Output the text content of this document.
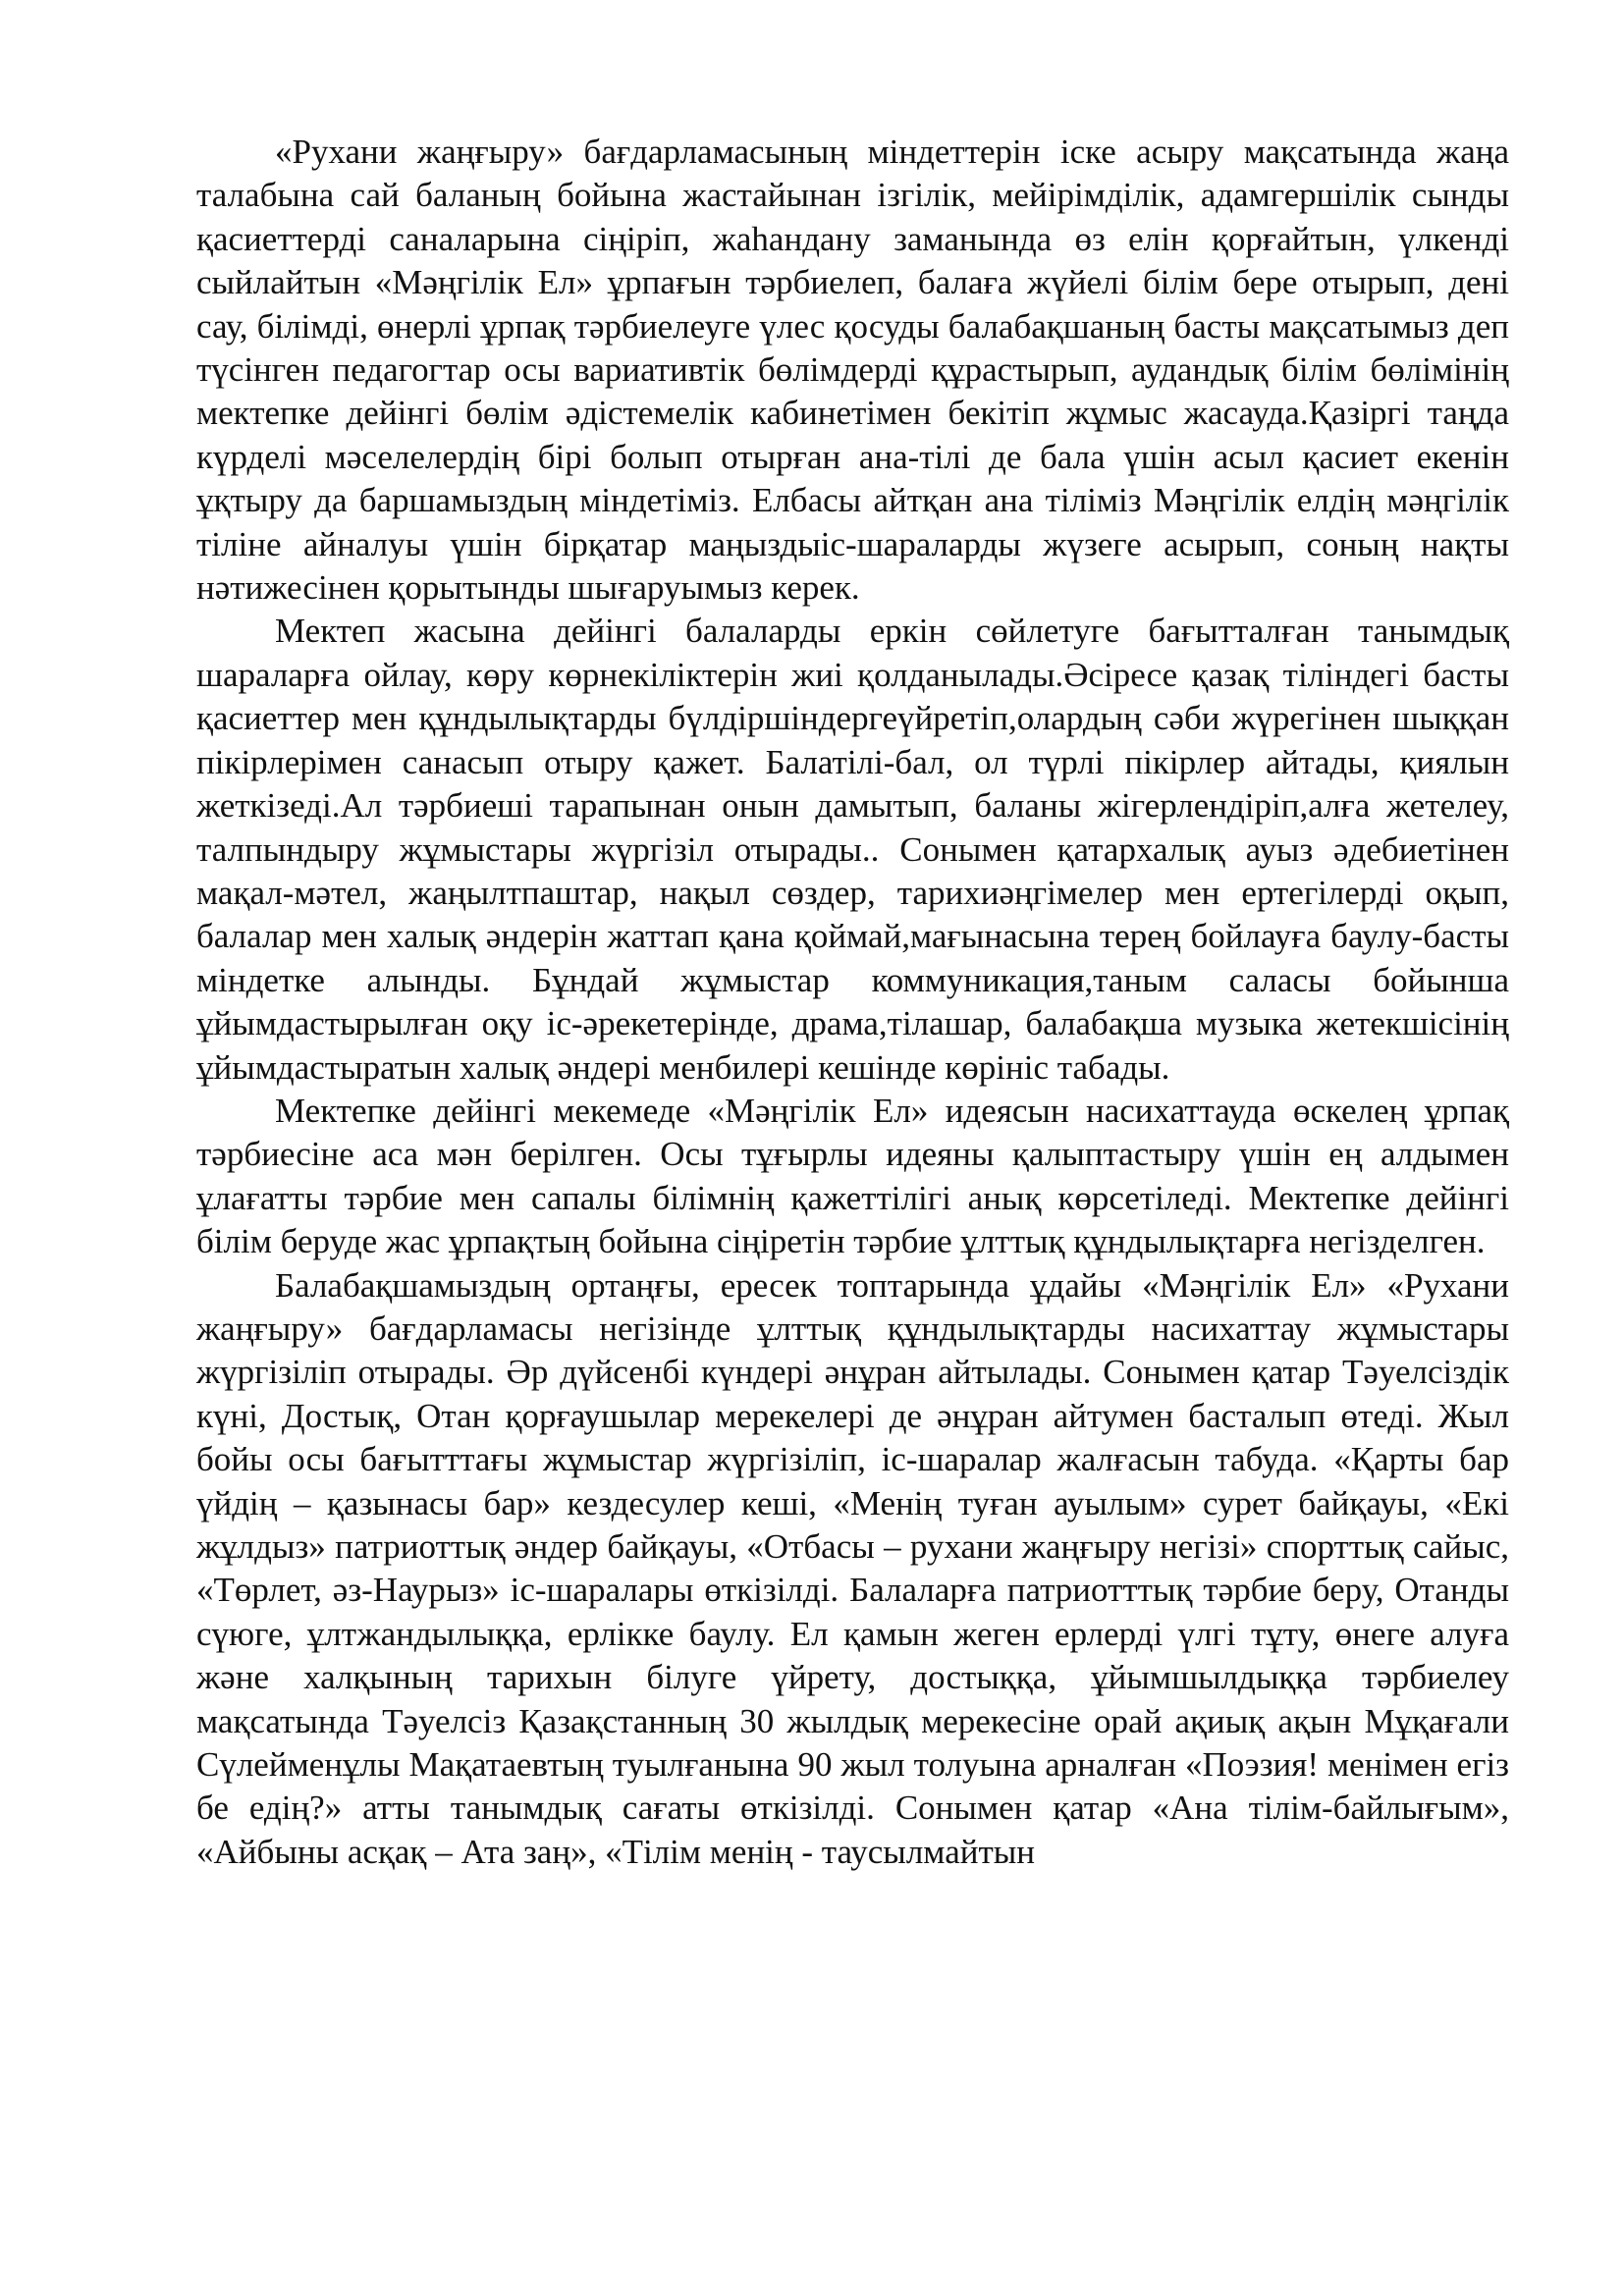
«Рухани жаңғыру» бағдарламасының міндеттерін іске асыру мақсатында жаңа талабына сай баланың бойына жастайынан ізгілік, мейірімділік, адамгершілік сынды қасиеттерді саналарына сіңіріп, жаһандану заманында өз елін қорғайтын, үлкенді сыйлайтын «Мәңгілік Ел» ұрпағын тәрбиелеп, балаға жүйелі білім бере отырып, дені сау, білімді, өнерлі ұрпақ тәрбиелеуге үлес қосуды балабақшаның басты мақсатымыз деп түсінген педагогтар осы вариативтік бөлімдерді құрастырып, аудандық білім бөлімінің мектепке дейінгі бөлім әдістемелік кабинетімен бекітіп жұмыс жасауда.Қазіргі таңда күрделі мәселелердің бірі болып отырған ана-тілі де бала үшін асыл қасиет екенін ұқтыру да баршамыздың міндетіміз. Елбасы айтқан ана тіліміз Мәңгілік елдің мәңгілік тіліне айналуы үшін бірқатар маңыздыіс-шараларды жүзеге асырып, соның нақты нәтижесінен қорытынды шығаруымыз керек.

Мектеп жасына дейінгі балаларды еркін сөйлетуге бағытталған танымдық шараларға ойлау, көру көрнекіліктерін жиі қолданылады.Әсіресе қазақ тіліндегі басты қасиеттер мен құндылықтарды бүлдіршіндергеүйретіп,олардың сәби жүрегінен шыққан пікірлерімен санасып отыру қажет. Балатілі-бал, ол түрлі пікірлер айтады, қиялын жеткізеді.Ал тәрбиеші тарапынан онын дамытып, баланы жігерлендіріп,алға жетелеу, талпындыру жұмыстары жүргізіл отырады.. Сонымен қатархалық ауыз әдебиетінен мақал-мәтел, жаңылтпаштар, нақыл сөздер, тарихиәңгімелер мен ертегілерді оқып, балалар мен халық әндерін жаттап қана қоймай,мағынасына терең бойлауға баулу-басты міндетке алынды. Бұндай жұмыстар коммуникация,таным саласы бойынша ұйымдастырылған оқу іс-әрекетерінде, драма,тілашар, балабақша музыка жетекшісінің ұйымдастыратын халық әндері менбилері кешінде көрініс табады.

Мектепке дейінгі мекемеде «Мәңгілік Ел» идеясын насихаттауда өскелең ұрпақ тәрбиесіне аса мән берілген. Осы тұғырлы идеяны қалыптастыру үшін ең алдымен ұлағатты тәрбие мен сапалы білімнің қажеттілігі анық көрсетіледі. Мектепке дейінгі білім беруде жас ұрпақтың бойына сіңіретін тәрбие ұлттық құндылықтарға негізделген.

Балабақшамыздың ортаңғы, ересек топтарында ұдайы «Мәңгілік Ел» «Рухани жаңғыру» бағдарламасы негізінде ұлттық құндылықтарды насихаттау жұмыстары жүргізіліп отырады. Әр дүйсенбі күндері әнұран айтылады. Сонымен қатар Тәуелсіздік күні, Достық, Отан қорғаушылар мерекелері де әнұран айтумен басталып өтеді. Жыл бойы осы бағытттағы жұмыстар жүргізіліп, іс-шаралар жалғасын табуда. «Қарты бар үйдің – қазынасы бар» кездесулер кеші, «Менің туған ауылым» сурет байқауы, «Екі жұлдыз» патриоттық әндер байқауы, «Отбасы – рухани жаңғыру негізі» спорттық сайыс, «Төрлет, әз-Наурыз» іс-шаралары өткізілді. Балаларға патриотттық тәрбие беру, Отанды сүюге, ұлтжандылыққа, ерлікке баулу. Ел қамын жеген ерлерді үлгі тұту, өнеге алуға және халқының тарихын білуге үйрету, достыққа, ұйымшылдыққа тәрбиелеу мақсатында Тәуелсіз Қазақстанның 30 жылдық мерекесіне орай ақиық ақын Мұқағали Сүлейменұлы Мақатаевтың туылғанына 90 жыл толуына арналған «Поэзия! менімен егіз бе едің?» атты танымдық сағаты өткізілді. Сонымен қатар «Ана тілім-байлығым», «Айбыны асқақ – Ата заң», «Тілім менің - таусылмайтын
